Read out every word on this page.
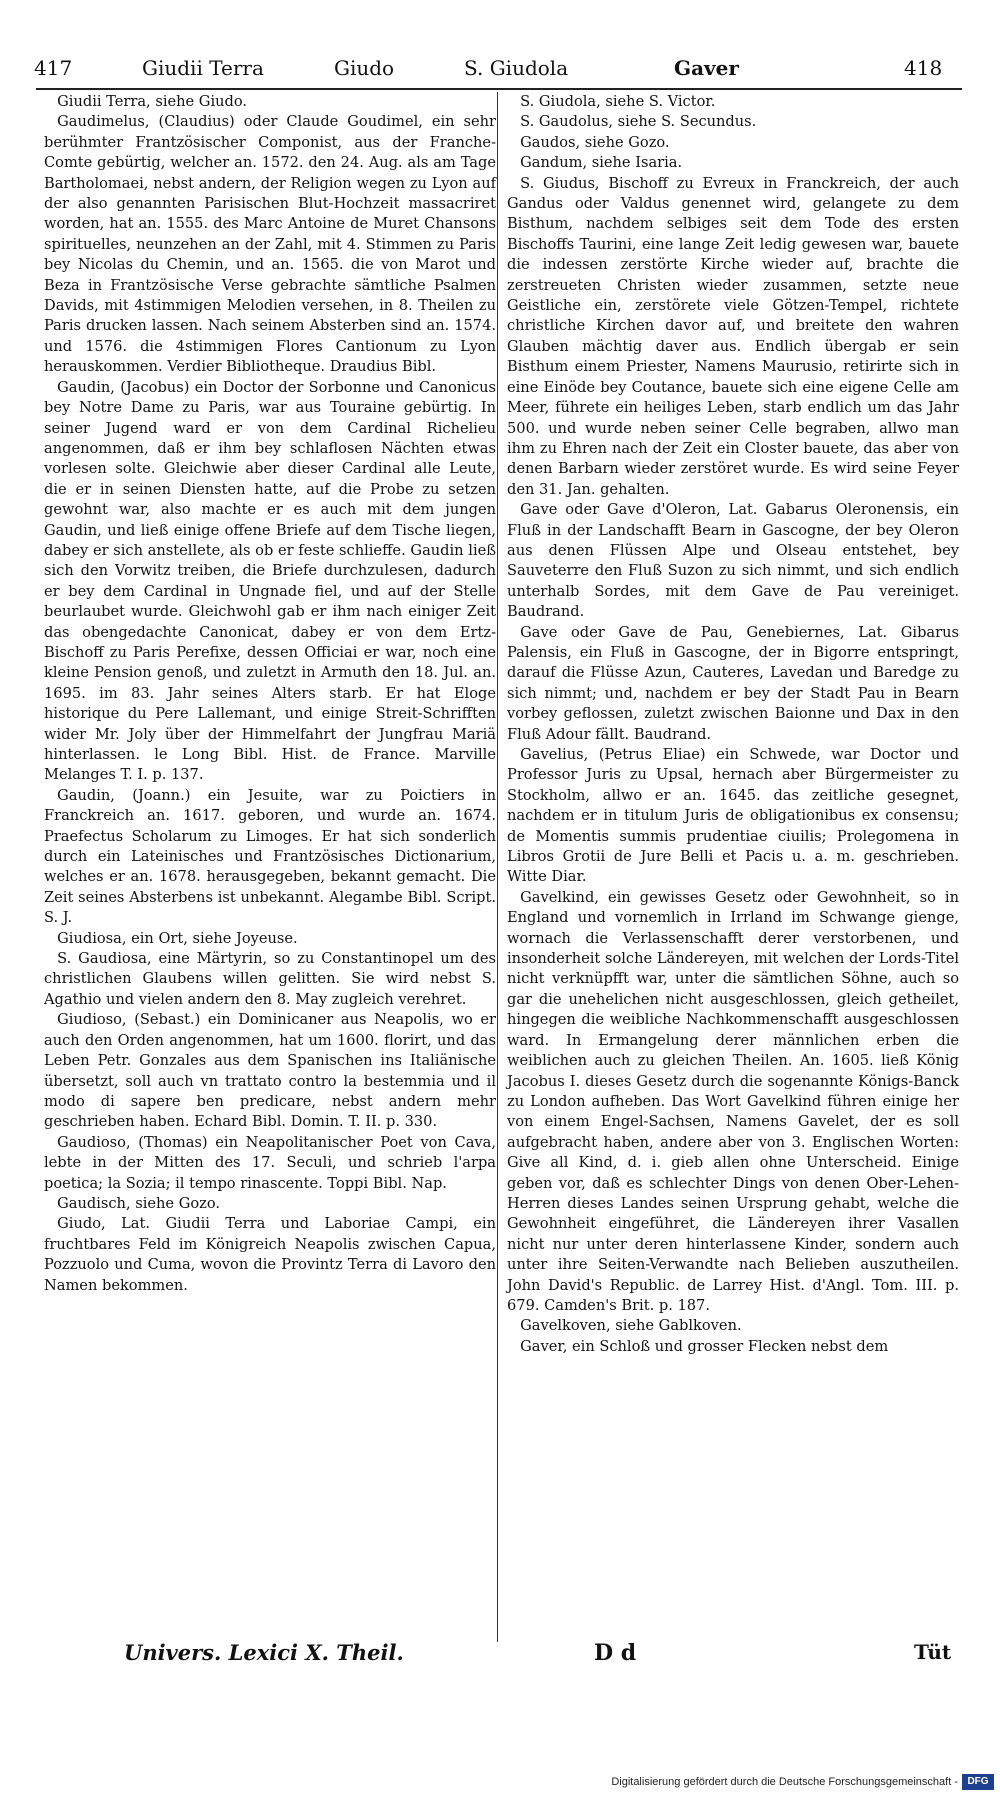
417	Giudii Terra	Giudo	S. Giudola	Gaver	418

Giudii Terra, siehe Giudo.

Gaudimelus, (Claudius) oder Claude Goudimel, ein sehr berühmter Frantzösischer Componist, aus der Franche-Comte gebürtig, welcher an. 1572. den 24. Aug. als am Tage Bartholomaei, nebst andern, der Religion wegen zu Lyon auf der also genannten Parisischen Blut-Hochzeit massacriret worden, hat an. 1555. des Marc Antoine de Muret Chansons spirituelles, neunzehen an der Zahl, mit 4. Stimmen zu Paris bey Nicolas du Chemin, und an. 1565. die von Marot und Beza in Frantzösische Verse gebrachte sämtliche Psalmen Davids, mit 4stimmigen Melodien versehen, in 8. Theilen zu Paris drucken lassen. Nach seinem Absterben sind an. 1574. und 1576. die 4stimmigen Flores Cantionum zu Lyon herauskommen. Verdier Bibliotheque. Draudius Bibl.

Gaudin, (Jacobus) ein Doctor der Sorbonne und Canonicus bey Notre Dame zu Paris, war aus Touraine gebürtig. In seiner Jugend ward er von dem Cardinal Richelieu angenommen, daß er ihm bey schlaflosen Nächten etwas vorlesen solte. Gleichwie aber dieser Cardinal alle Leute, die er in seinen Diensten hatte, auf die Probe zu setzen gewohnt war, also machte er es auch mit dem jungen Gaudin, und ließ einige offene Briefe auf dem Tische liegen, dabey er sich anstellete, als ob er feste schlieffe. Gaudin ließ sich den Vorwitz treiben, die Briefe durchzulesen, dadurch er bey dem Cardinal in Ungnade fiel, und auf der Stelle beurlaubet wurde. Gleichwohl gab er ihm nach einiger Zeit das obengedachte Canonicat, dabey er von dem Ertz-Bischoff zu Paris Perefixe, dessen Officiai er war, noch eine kleine Pension genoß, und zuletzt in Armuth den 18. Jul. an. 1695. im 83. Jahr seines Alters starb. Er hat Eloge historique du Pere Lallemant, und einige Streit-Schrifften wider Mr. Joly über der Himmelfahrt der Jungfrau Mariä hinterlassen. le Long Bibl. Hist. de France. Marville Melanges T. I. p. 137.

Gaudin, (Joann.) ein Jesuite, war zu Poictiers in Franckreich an. 1617. geboren, und wurde an. 1674. Praefectus Scholarum zu Limoges. Er hat sich sonderlich durch ein Lateinisches und Frantzösisches Dictionarium, welches er an. 1678. herausgegeben, bekannt gemacht. Die Zeit seines Absterbens ist unbekannt. Alegambe Bibl. Script. S. J.

Giudiosa, ein Ort, siehe Joyeuse.

S. Gaudiosa, eine Märtyrin, so zu Constantinopel um des christlichen Glaubens willen gelitten. Sie wird nebst S. Agathio und vielen andern den 8. May zugleich verehret.

Giudioso, (Sebast.) ein Dominicaner aus Neapolis, wo er auch den Orden angenommen, hat um 1600. florirt, und das Leben Petr. Gonzales aus dem Spanischen ins Italiänische übersetzt, soll auch vn trattato contro la bestemmia und il modo di sapere ben predicare, nebst andern mehr geschrieben haben. Echard Bibl. Domin. T. II. p. 330.

Gaudioso, (Thomas) ein Neapolitanischer Poet von Cava, lebte in der Mitten des 17. Seculi, und schrieb l'arpa poetica; la Sozia; il tempo rinascente. Toppi Bibl. Nap.

Gaudisch, siehe Gozo.

Giudo, Lat. Giudii Terra und Laboriae Campi, ein fruchtbares Feld im Königreich Neapolis zwischen Capua, Pozzuolo und Cuma, wovon die Provintz Terra di Lavoro den Namen bekommen.

S. Giudola, siehe S. Victor.

S. Gaudolus, siehe S. Secundus.

Gaudos, siehe Gozo.

Gandum, siehe Isaria.

S. Giudus, Bischoff zu Evreux in Franckreich, der auch Gandus oder Valdus genennet wird, gelangete zu dem Bisthum, nachdem selbiges seit dem Tode des ersten Bischoffs Taurini, eine lange Zeit ledig gewesen war, bauete die indessen zerstörte Kirche wieder auf, brachte die zerstreueten Christen wieder zusammen, setzte neue Geistliche ein, zerstörete viele Götzen-Tempel, richtete christliche Kirchen davor auf, und breitete den wahren Glauben mächtig daver aus. Endlich übergab er sein Bisthum einem Priester, Namens Maurusio, retirirte sich in eine Einöde bey Coutance, bauete sich eine eigene Celle am Meer, führete ein heiliges Leben, starb endlich um das Jahr 500. und wurde neben seiner Celle begraben, allwo man ihm zu Ehren nach der Zeit ein Closter bauete, das aber von denen Barbarn wieder zerstöret wurde. Es wird seine Feyer den 31. Jan. gehalten.

Gave oder Gave d'Oleron, Lat. Gabarus Oleronensis, ein Fluß in der Landschafft Bearn in Gascogne, der bey Oleron aus denen Flüssen Alpe und Olseau entstehet, bey Sauveterre den Fluß Suzon zu sich nimmt, und sich endlich unterhalb Sordes, mit dem Gave de Pau vereiniget. Baudrand.

Gave oder Gave de Pau, Genebiernes, Lat. Gibarus Palensis, ein Fluß in Gascogne, der in Bigorre entspringt, darauf die Flüsse Azun, Cauteres, Lavedan und Baredge zu sich nimmt; und, nachdem er bey der Stadt Pau in Bearn vorbey geflossen, zuletzt zwischen Baionne und Dax in den Fluß Adour fällt. Baudrand.

Gavelius, (Petrus Eliae) ein Schwede, war Doctor und Professor Juris zu Upsal, hernach aber Bürgermeister zu Stockholm, allwo er an. 1645. das zeitliche gesegnet, nachdem er in titulum Juris de obligationibus ex consensu; de Momentis summis prudentiae ciuilis; Prolegomena in Libros Grotii de Jure Belli et Pacis u. a. m. geschrieben. Witte Diar.

Gavelkind, ein gewisses Gesetz oder Gewohnheit, so in England und vornemlich in Irrland im Schwange gienge, wornach die Verlassenschafft derer verstorbenen, und insonderheit solche Ländereyen, mit welchen der Lords-Titel nicht verknüpfft war, unter die sämtlichen Söhne, auch so gar die unehelichen nicht ausgeschlossen, gleich getheilet, hingegen die weibliche Nachkommenschafft ausgeschlossen ward. In Ermangelung derer männlichen erben die weiblichen auch zu gleichen Theilen. An. 1605. ließ König Jacobus I. dieses Gesetz durch die sogenannte Königs-Banck zu London aufheben. Das Wort Gavelkind führen einige her von einem Engel-Sachsen, Namens Gavelet, der es soll aufgebracht haben, andere aber von 3. Englischen Worten: Give all Kind, d. i. gieb allen ohne Unterscheid. Einige geben vor, daß es schlechter Dings von denen Ober-Lehen-Herren dieses Landes seinen Ursprung gehabt, welche die Gewohnheit eingeführet, die Ländereyen ihrer Vasallen nicht nur unter deren hinterlassene Kinder, sondern auch unter ihre Seiten-Verwandte nach Belieben auszutheilen. John David's Republic. de Larrey Hist. d'Angl. Tom. III. p. 679. Camden's Brit. p. 187.

Gavelkoven, siehe Gablkoven.

Gaver, ein Schloß und grosser Flecken nebst dem

Univers. Lexici X. Theil.	D d	Tüt
Digitalisierung gefördert durch die Deutsche Forschungsgemeinschaft - DFG
